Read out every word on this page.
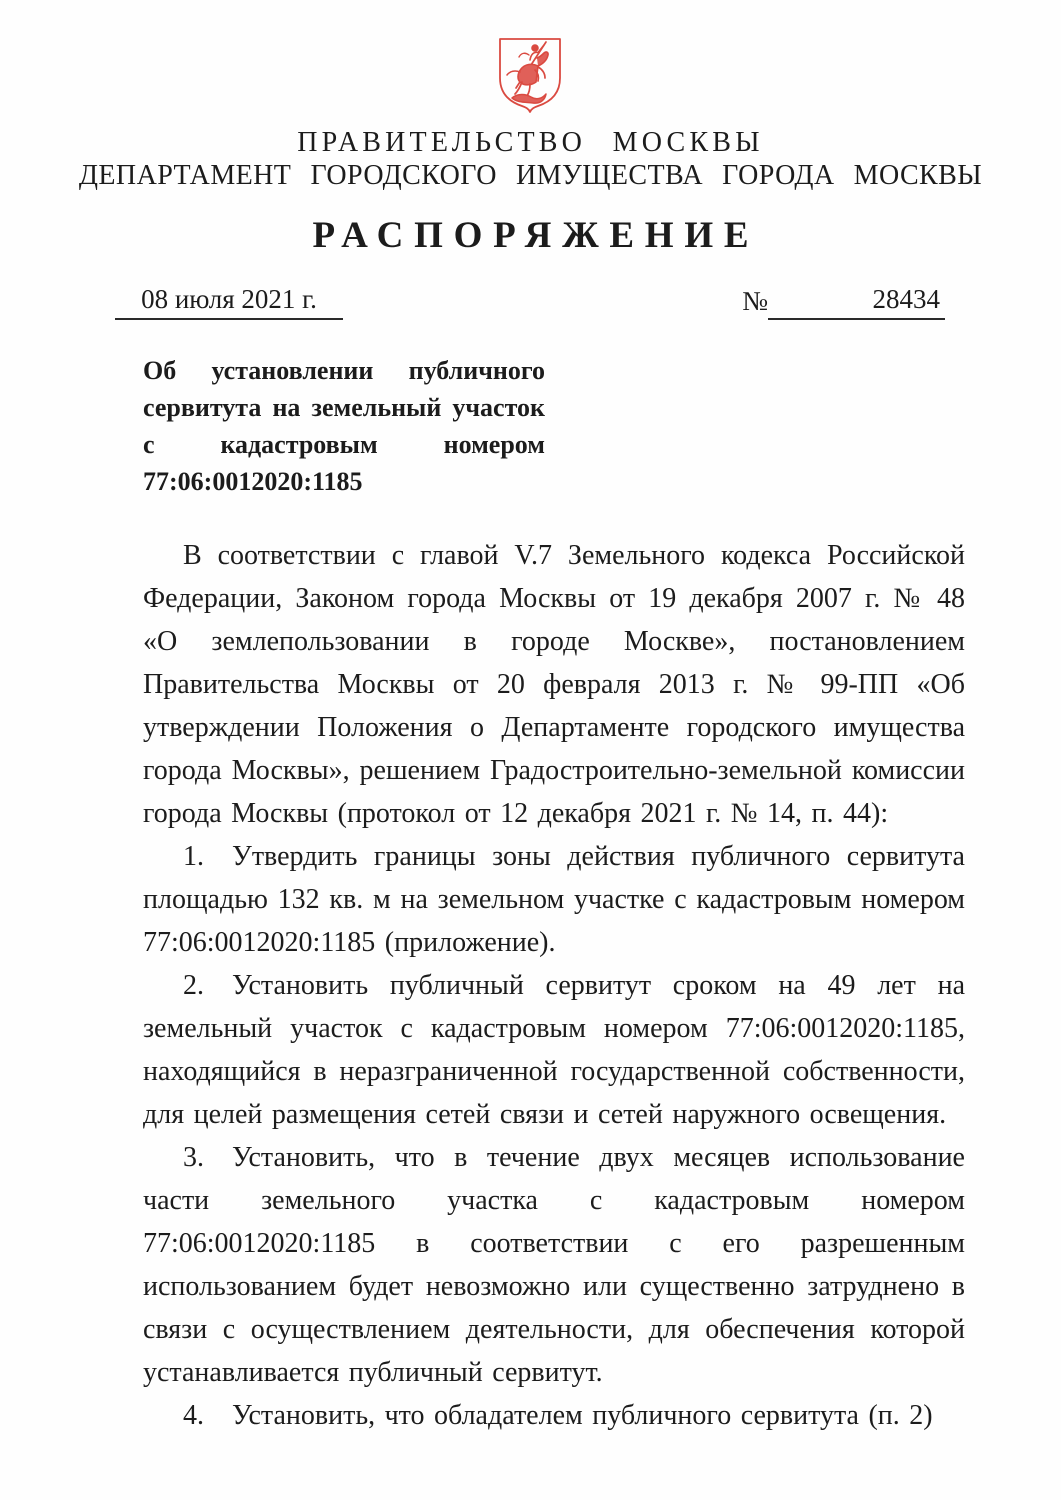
ПРАВИТЕЛЬСТВО МОСКВЫ
ДЕПАРТАМЕНТ ГОРОДСКОГО ИМУЩЕСТВА ГОРОДА МОСКВЫ
РАСПОРЯЖЕНИЕ
08 июля 2021 г.	№	28434
Об установлении публичного
сервитута на земельный участок
с кадастровым номером
77:06:0012020:1185

В соответствии с главой V.7 Земельного кодекса Российской Федерации, Законом города Москвы от 19 декабря 2007 г. № 48 «О землепользовании в городе Москве», постановлением Правительства Москвы от 20 февраля 2013 г. № 99-ПП «Об утверждении Положения о Департаменте городского имущества города Москвы», решением Градостроительно-земельной комиссии города Москвы (протокол от 12 декабря 2021 г. № 14, п. 44):

1. Утвердить границы зоны действия публичного сервитута площадью 132 кв. м на земельном участке с кадастровым номером 77:06:0012020:1185 (приложение).

2. Установить публичный сервитут сроком на 49 лет на земельный участок с кадастровым номером 77:06:0012020:1185, находящийся в неразграниченной государственной собственности, для целей размещения сетей связи и сетей наружного освещения.

3. Установить, что в течение двух месяцев использование части земельного участка с кадастровым номером 77:06:0012020:1185 в соответствии с его разрешенным использованием будет невозможно или существенно затруднено в связи с осуществлением деятельности, для обеспечения которой устанавливается публичный сервитут.

4. Установить, что обладателем публичного сервитута (п. 2)
